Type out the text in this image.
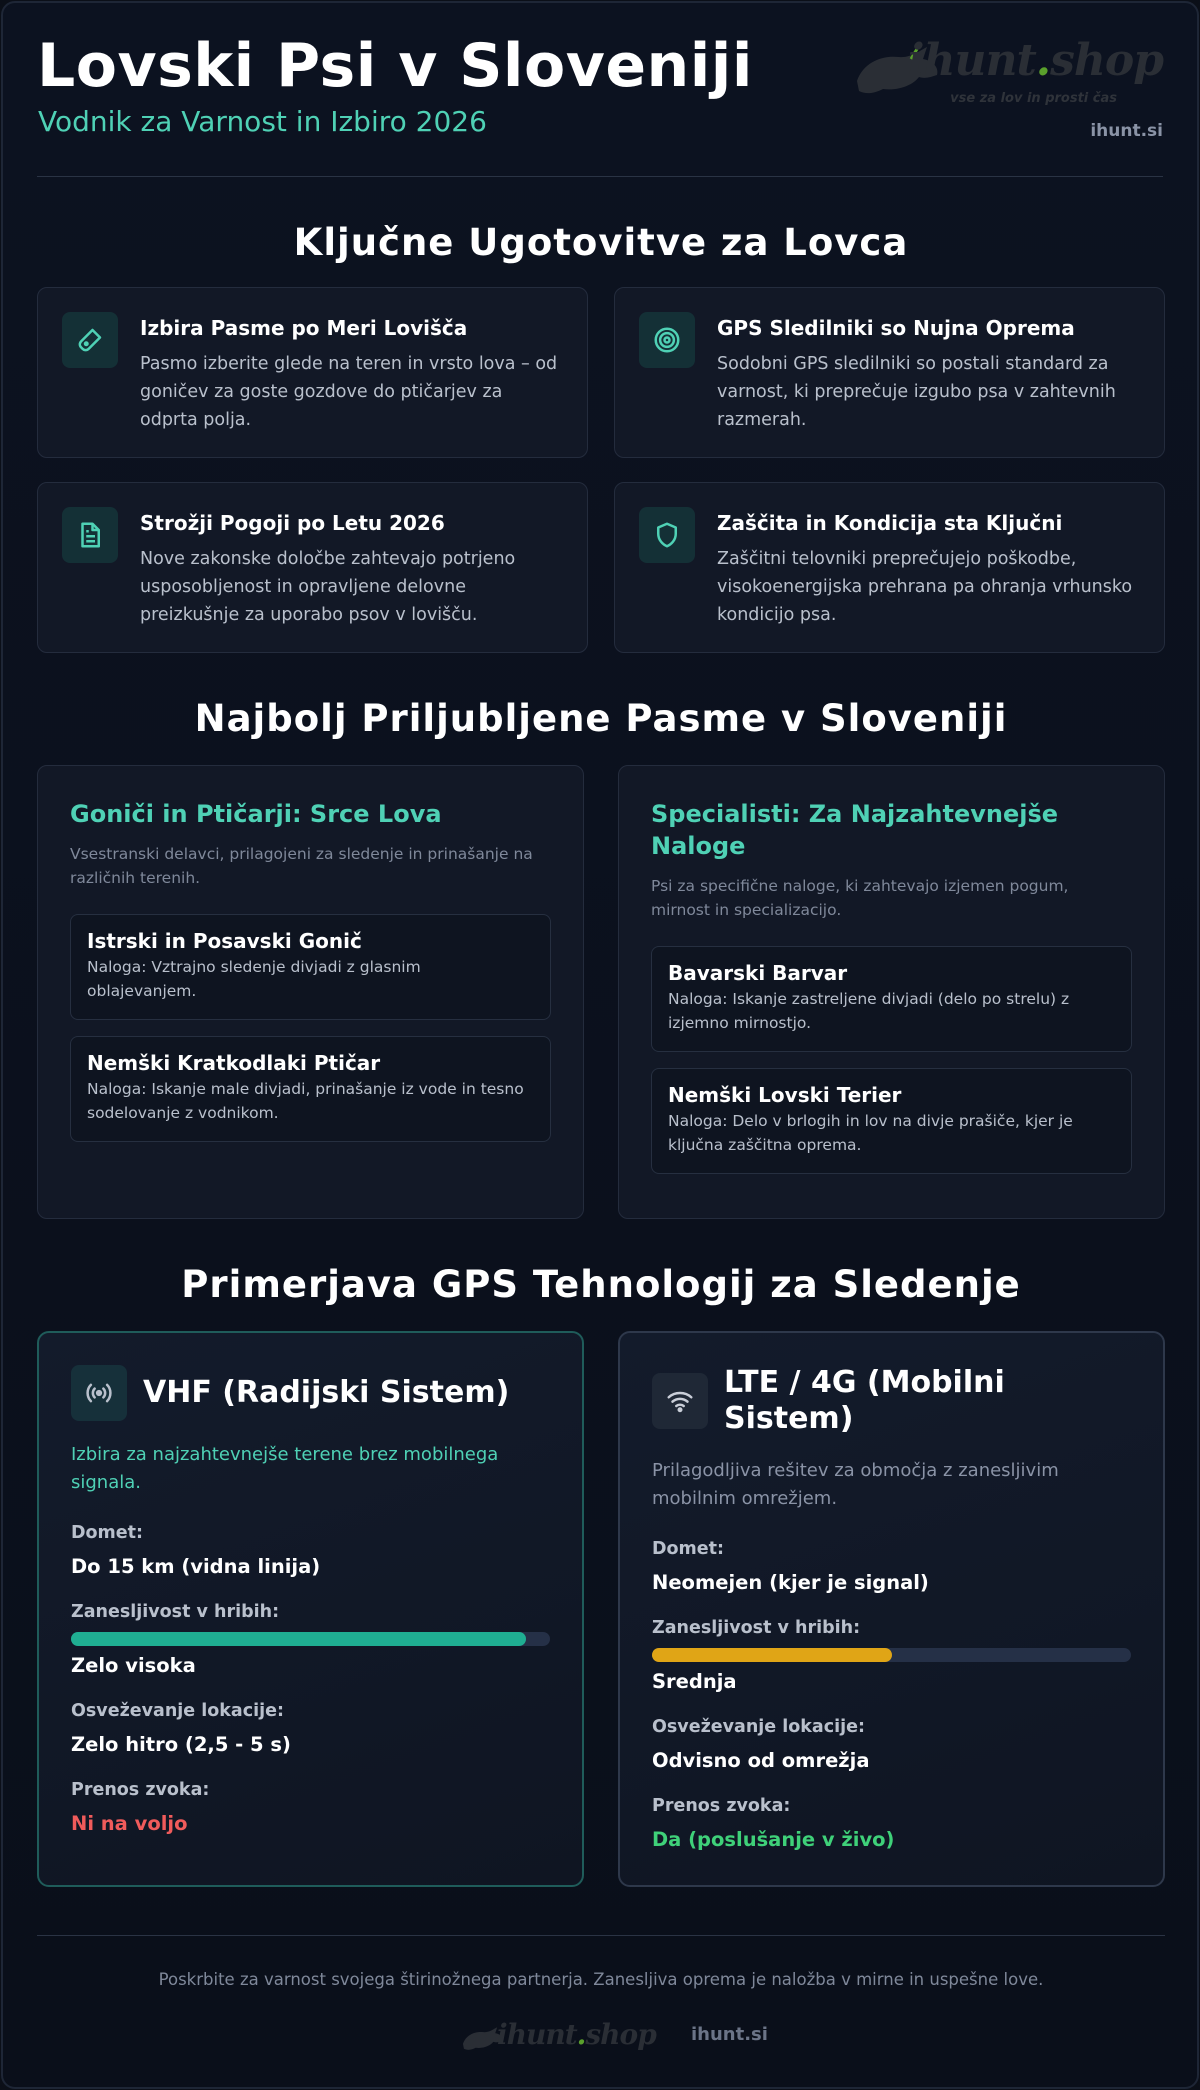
Lovski Psi v Sloveniji
Vodnik za Varnost in Izbiro 2026
ihunt.shop
vse za lov in prosti čas
ihunt.si
Ključne Ugotovitve za Lovca
Izbira Pasme po Meri Lovišča

Pasmo izberite glede na teren in vrsto lova – od goničev za goste gozdove do ptičarjev za odprta polja.

GPS Sledilniki so Nujna Oprema

Sodobni GPS sledilniki so postali standard za varnost, ki preprečuje izgubo psa v zahtevnih razmerah.

Strožji Pogoji po Letu 2026

Nove zakonske določbe zahtevajo potrjeno usposobljenost in opravljene delovne preizkušnje za uporabo psov v lovišču.

Zaščita in Kondicija sta Ključni

Zaščitni telovniki preprečujejo poškodbe, visokoenergijska prehrana pa ohranja vrhunsko kondicijo psa.

Najbolj Priljubljene Pasme v Sloveniji
Goniči in Ptičarji: Srce Lova
Vsestranski delavci, prilagojeni za sledenje in prinašanje na različnih terenih.
Istrski in Posavski Gonič

Naloga: Vztrajno sledenje divjadi z glasnim oblajevanjem.

Nemški Kratkodlaki Ptičar

Naloga: Iskanje male divjadi, prinašanje iz vode in tesno sodelovanje z vodnikom.

Specialisti: Za Najzahtevnejše Naloge
Psi za specifične naloge, ki zahtevajo izjemen pogum, mirnost in specializacijo.
Bavarski Barvar

Naloga: Iskanje zastreljene divjadi (delo po strelu) z izjemno mirnostjo.

Nemški Lovski Terier

Naloga: Delo v brlogih in lov na divje prašiče, kjer je ključna zaščitna oprema.

Primerjava GPS Tehnologij za Sledenje
VHF (Radijski Sistem)
Izbira za najzahtevnejše terene brez mobilnega signala.
Domet:
Do 15 km (vidna linija)
Zanesljivost v hribih:
Zelo visoka
Osveževanje lokacije:
Zelo hitro (2,5 - 5 s)
Prenos zvoka:
Ni na voljo
LTE / 4G (Mobilni Sistem)
Prilagodljiva rešitev za območja z zanesljivim mobilnim omrežjem.
Domet:
Neomejen (kjer je signal)
Zanesljivost v hribih:
Srednja
Osveževanje lokacije:
Odvisno od omrežja
Prenos zvoka:
Da (poslušanje v živo)

Poskrbite za varnost svojega štirinožnega partnerja. Zanesljiva oprema je naložba v mirne in uspešne love.

ihunt.shop ihunt.si
